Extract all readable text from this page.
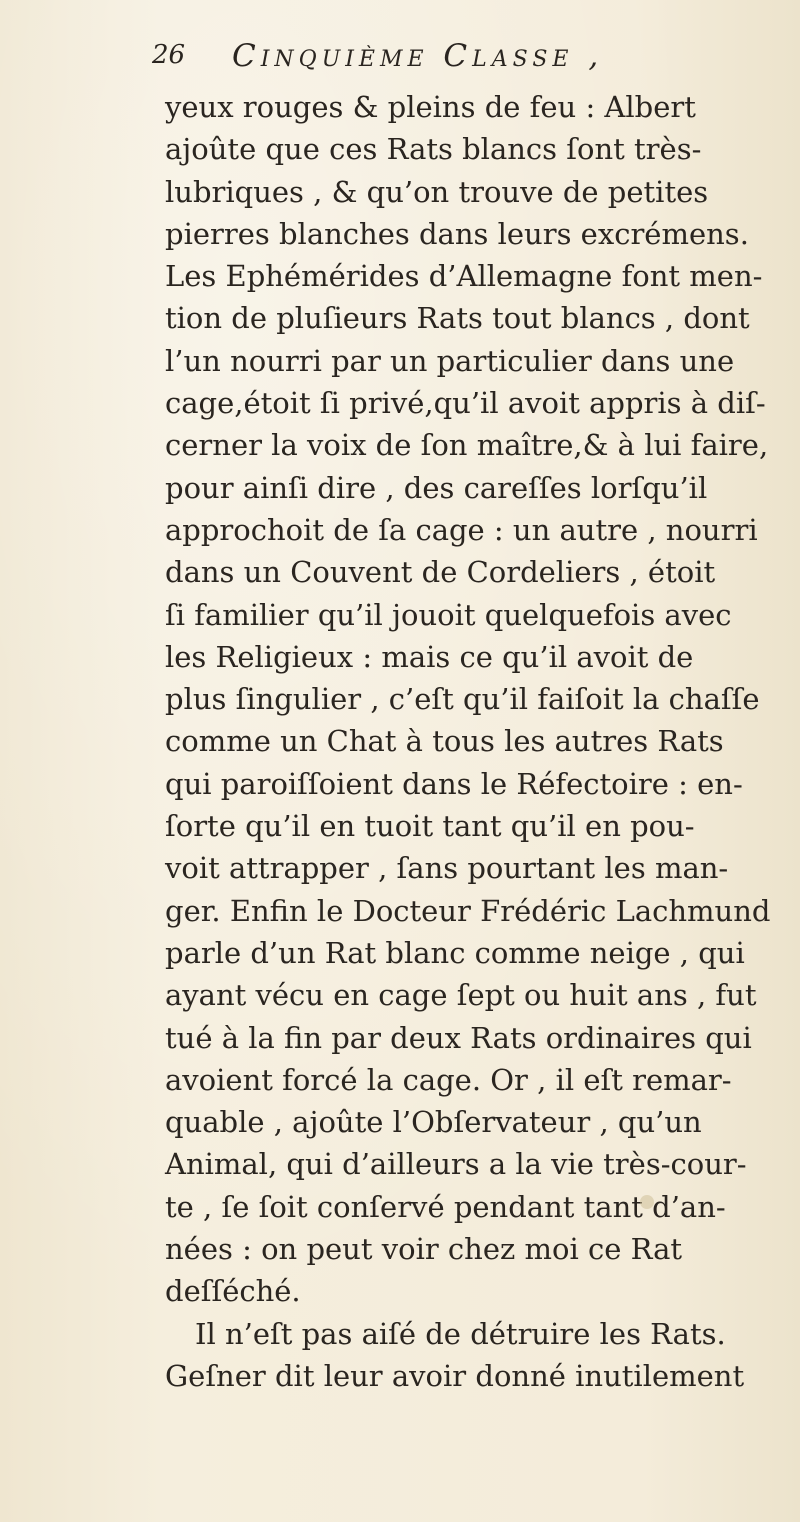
26 Cinquième Classe ,
yeux rouges & pleins de feu : Albert
ajoûte que ces Rats blancs ſont très-
lubriques , & qu’on trouve de petites
pierres blanches dans leurs excrémens.
Les Ephémérides d’Allemagne font men-
tion de pluſieurs Rats tout blancs , dont
l’un nourri par un particulier dans une
cage,étoit ſi privé,qu’il avoit appris à diſ-
cerner la voix de ſon maître,& à lui faire,
pour ainſi dire , des careſſes lorſqu’il
approchoit de ſa cage : un autre , nourri
dans un Couvent de Cordeliers , étoit
ſi familier qu’il jouoit quelquefois avec
les Religieux : mais ce qu’il avoit de
plus ſingulier , c’eſt qu’il faiſoit la chaſſe
comme un Chat à tous les autres Rats
qui paroiſſoient dans le Réfectoire : en-
ſorte qu’il en tuoit tant qu’il en pou-
voit attrapper , ſans pourtant les man-
ger. Enfin le Docteur Frédéric Lachmund
parle d’un Rat blanc comme neige , qui
ayant vécu en cage ſept ou huit ans , fut
tué à la fin par deux Rats ordinaires qui
avoient forcé la cage. Or , il eſt remar-
quable , ajoûte l’Obſervateur , qu’un
Animal, qui d’ailleurs a la vie très-cour-
te , ſe ſoit conſervé pendant tant d’an-
nées : on peut voir chez moi ce Rat
deſſéché.
Il n’eſt pas aiſé de détruire les Rats.
Geſner dit leur avoir donné inutilement
